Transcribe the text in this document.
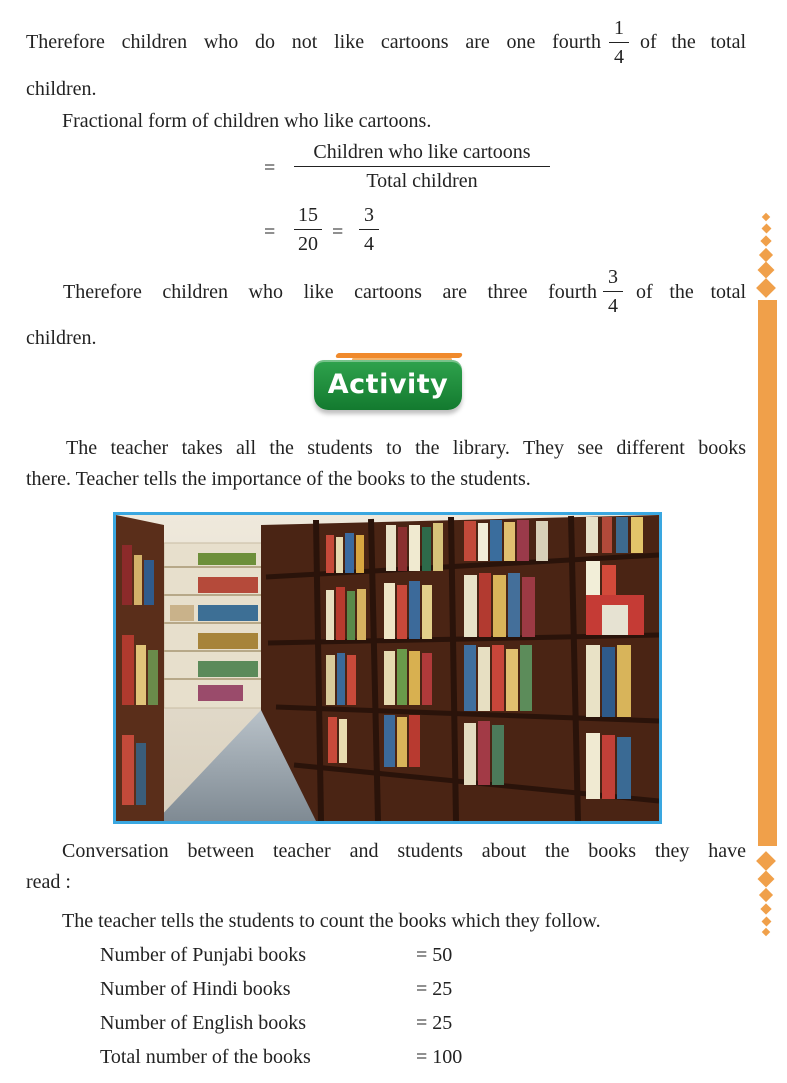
Therefore children who do not like cartoons are one fourth
1
4
of the total
children.
Fractional form of children who like cartoons.
=
Children who like cartoons
Total children
=
15
20
=
3
4
Therefore children who like cartoons are three fourth
3
4
of the total
children.
Activity
The teacher takes all the students to the library. They see different books
there. Teacher tells the importance of the books to the students.
Conversation between teacher and students about the books they have
read :
The teacher tells the students to count the books which they follow.
Number of Punjabi books	= 50
Number of Hindi books	= 25
Number of English books	= 25
Total number of the books	= 100
